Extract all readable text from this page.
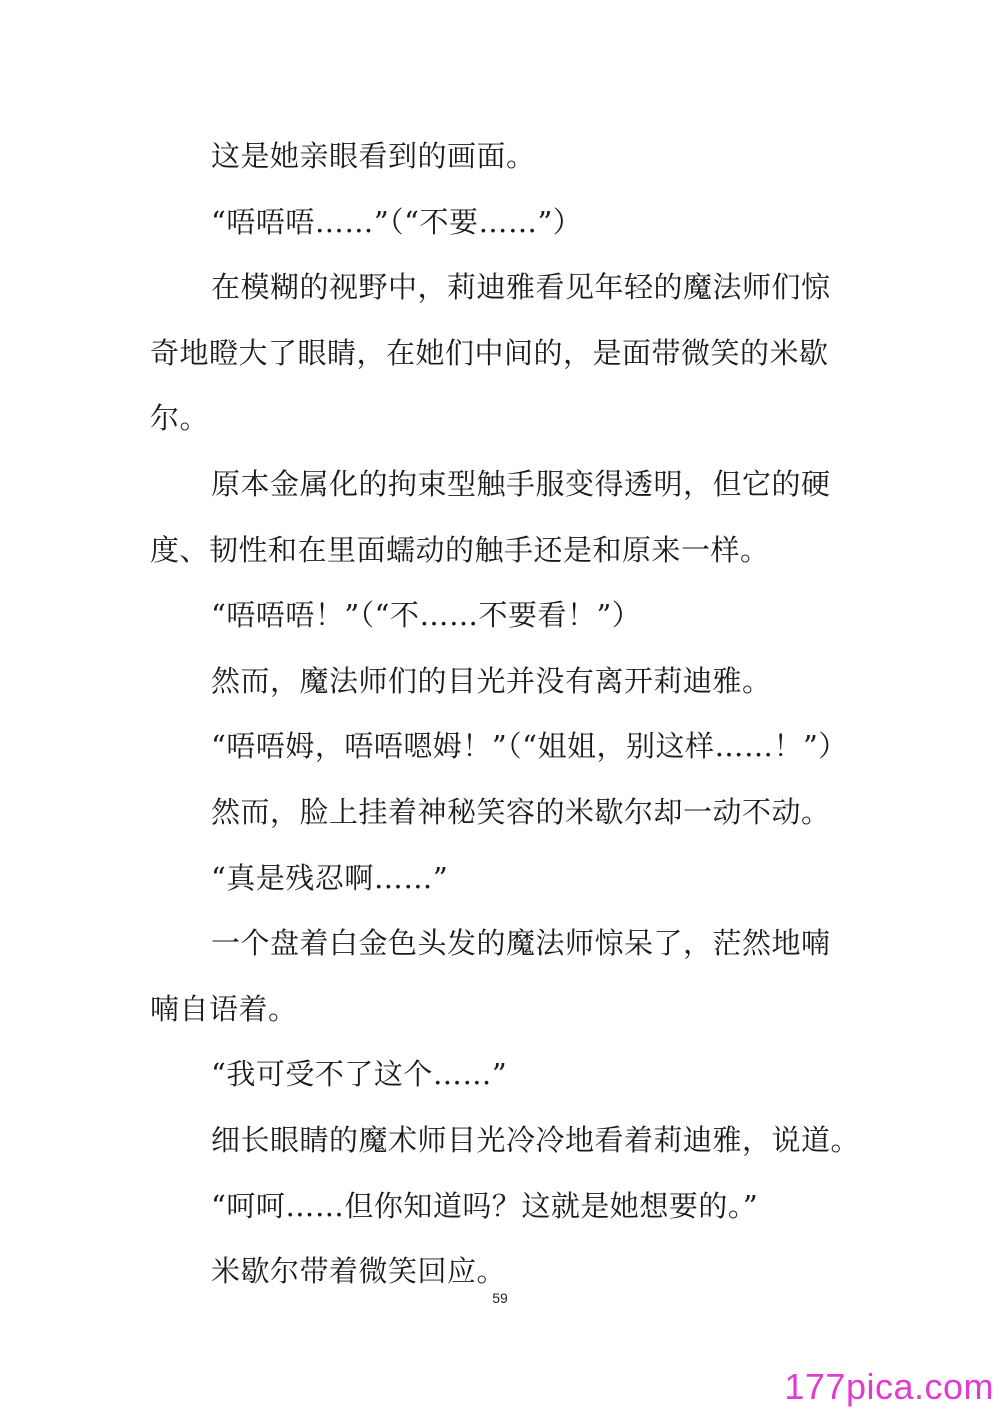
这是她亲眼看到的画面。
“唔唔唔……”（“不要……”）
在模糊的视野中，莉迪雅看见年轻的魔法师们惊
奇地瞪大了眼睛，在她们中间的，是面带微笑的米歇
尔。
原本金属化的拘束型触手服变得透明，但它的硬
度、韧性和在里面蠕动的触手还是和原来一样。
“唔唔唔！”（“不……不要看！”）
然而，魔法师们的目光并没有离开莉迪雅。
“唔唔姆，唔唔嗯姆！”（“姐姐，别这样……！”）
然而，脸上挂着神秘笑容的米歇尔却一动不动。
“真是残忍啊……”
一个盘着白金色头发的魔法师惊呆了，茫然地喃
喃自语着。
“我可受不了这个……”
细长眼睛的魔术师目光冷冷地看着莉迪雅，说道。
“呵呵……但你知道吗？这就是她想要的。”
米歇尔带着微笑回应。
59
177pica.com
